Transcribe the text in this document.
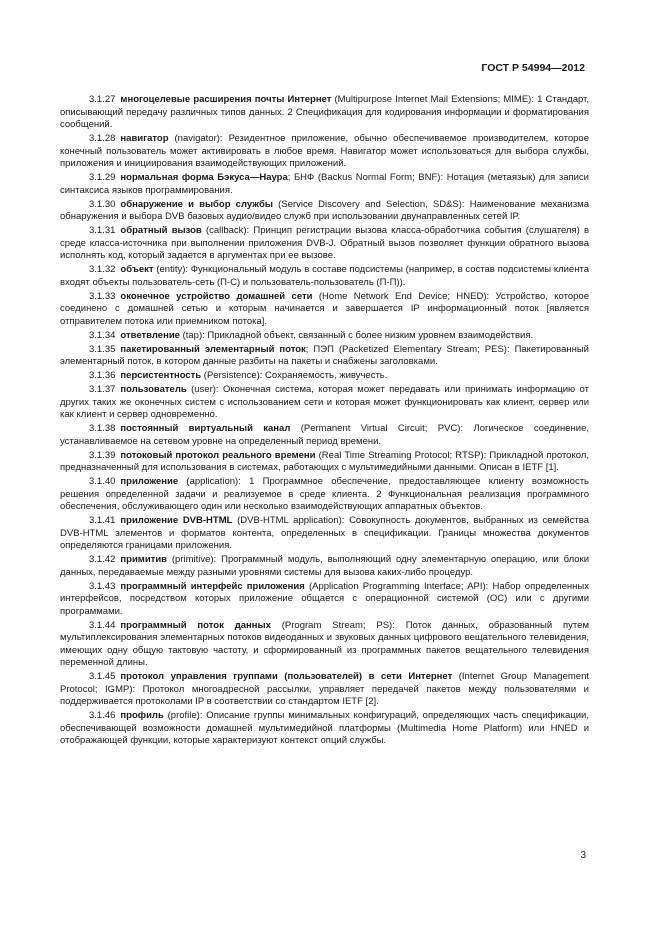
ГОСТ Р 54994—2012

3.1.27 многоцелевые расширения почты Интернет (Multipurpose Internet Mail Extensions; MIME): 1 Стандарт, описывающий передачу различных типов данных. 2 Спецификация для кодирования информации и форматирования сообщений.

3.1.28 навигатор (navigator): Резидентное приложение, обычно обеспечиваемое производителем, которое конечный пользователь может активировать в любое время. Навигатор может использоваться для выбора службы, приложения и инициирования взаимодействующих приложений.

3.1.29 нормальная форма Бэкуса—Наура; БНФ (Backus Normal Form; BNF): Нотация (метаязык) для записи синтаксиса языков программирования.

3.1.30 обнаружение и выбор службы (Service Discovery and Selection, SD&S): Наименование механизма обнаружения и выбора DVB базовых аудио/видео служб при использовании двунаправленных сетей IP.

3.1.31 обратный вызов (callback): Принцип регистрации вызова класса-обработчика события (слушателя) в среде класса-источника при выполнении приложения DVB-J. Обратный вызов позволяет функции обратного вызова исполнять код, который задается в аргументах при ее вызове.

3.1.32 объект (entity): Функциональный модуль в составе подсистемы (например, в состав подсистемы клиента входят объекты пользователь-сеть (П-С) и пользователь-пользователь (П-П)).

3.1.33 оконечное устройство домашней сети (Home Network End Device; HNED): Устройство, которое соединено с домашней сетью и которым начинается и завершается IP информационный поток [является отправителем потока или приемником потока].

3.1.34 ответвление (tap): Прикладной объект, связанный с более низким уровнем взаимодействия.

3.1.35 пакетированный элементарный поток; ПЭП (Packetized Elementary Stream; PES): Пакетированный элементарный поток, в котором данные разбиты на пакеты и снабжены заголовками.

3.1.36 персистентность (Persistence): Сохраняемость, живучесть.

3.1.37 пользователь (user): Оконечная система, которая может передавать или принимать информацию от других таких же оконечных систем с использованием сети и которая может функционировать как клиент, сервер или как клиент и сервер одновременно.

3.1.38 постоянный виртуальный канал (Permanent Virtual Circuit; PVC): Логическое соединение, устанавливаемое на сетевом уровне на определенный период времени.

3.1.39 потоковый протокол реального времени (Real Time Streaming Protocol; RTSP): Прикладной протокол, предназначенный для использования в системах, работающих с мультимедийными данными. Описан в IETF [1].

3.1.40 приложение (application): 1 Программное обеспечение, предоставляющее клиенту возможность решения определенной задачи и реализуемое в среде клиента. 2 Функциональная реализация программного обеспечения, обслуживающего один или несколько взаимодействующих аппаратных объектов.

3.1.41 приложение DVB-HTML (DVB-HTML application): Совокупность документов, выбранных из семейства DVB-HTML элементов и форматов контента, определенных в спецификации. Границы множества документов определяются границами приложения.

3.1.42 примитив (primitive): Программный модуль, выполняющий одну элементарную операцию, или блоки данных, передаваемые между разными уровнями системы для вызова каких-либо процедур.

3.1.43 программный интерфейс приложения (Application Programming Interface; API): Набор определенных интерфейсов, посредством которых приложение общается с операционной системой (ОС) или с другими программами.

3.1.44 программный поток данных (Program Stream; PS): Поток данных, образованный путем мультиплексирования элементарных потоков видеоданных и звуковых данных цифрового вещательного телевидения, имеющих одну общую тактовую частоту, и сформированный из программных пакетов вещательного телевидения переменной длины.

3.1.45 протокол управления группами (пользователей) в сети Интернет (Internet Group Management Protocol; IGMP): Протокол многоадресной рассылки, управляет передачей пакетов между пользователями и поддерживается протоколами IP в соответствии со стандартом IETF [2].

3.1.46 профиль (profile): Описание группы минимальных конфигураций, определяющих часть спецификации, обеспечивающей возможности домашней мультимедийной платформы (Multimedia Home Platform) или HNED и отображающей функции, которые характеризуют контекст опций службы.

3
